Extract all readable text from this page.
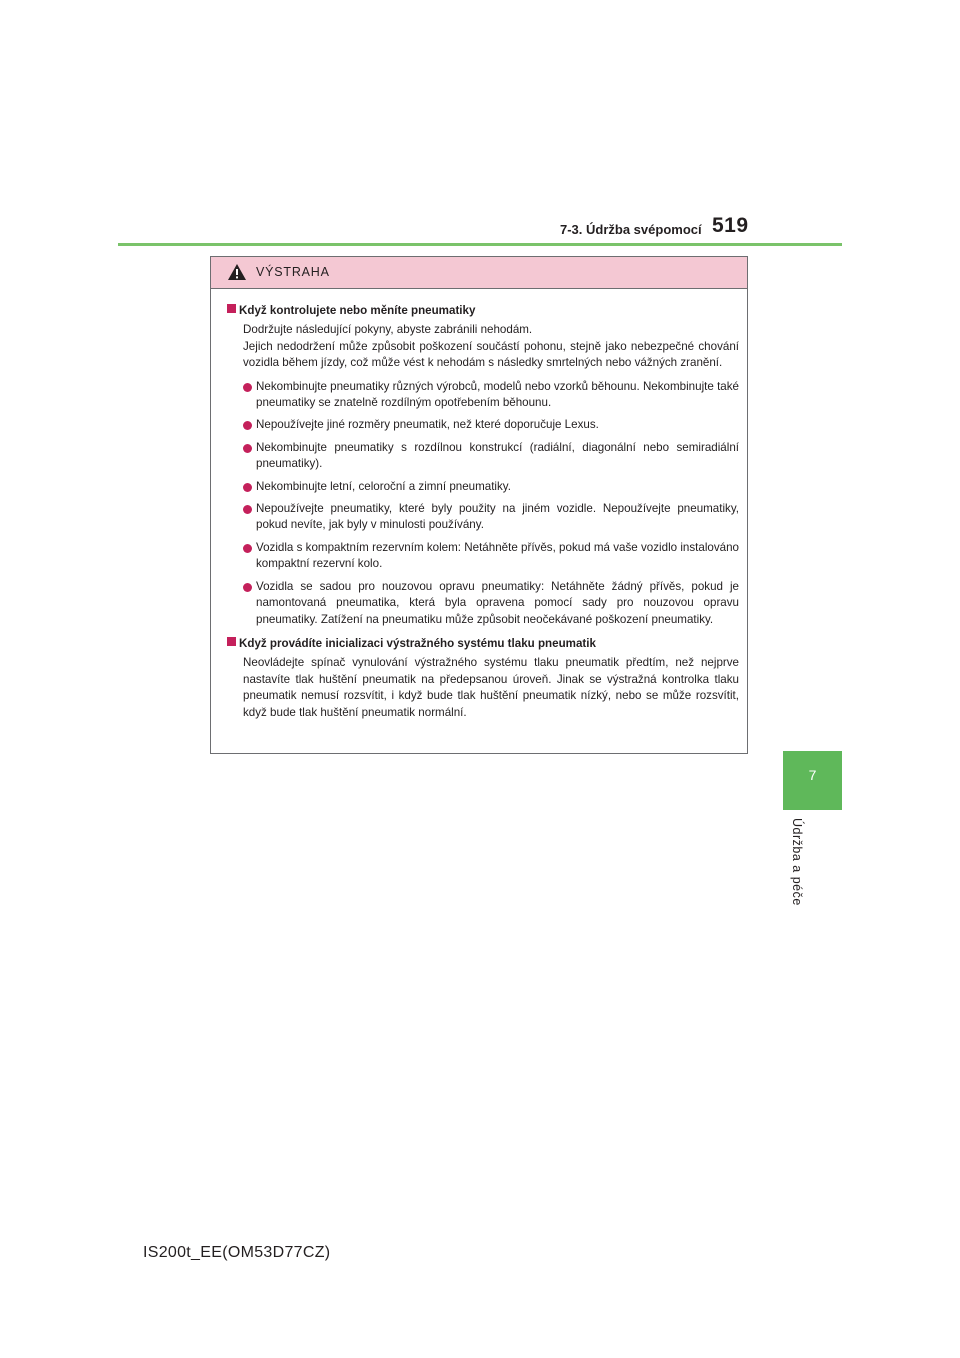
7-3. Údržba svépomocí 519
7
Údržba a péče
VÝSTRAHA
Když kontrolujete nebo měníte pneumatiky
Dodržujte následující pokyny, abyste zabránili nehodám.
Jejich nedodržení může způsobit poškození součástí pohonu, stejně jako nebezpečné chování vozidla během jízdy, což může vést k nehodám s následky smrtelných nebo vážných zranění.
Nekombinujte pneumatiky různých výrobců, modelů nebo vzorků běhounu. Nekombinujte také pneumatiky se znatelně rozdílným opotřebením běhounu.
Nepoužívejte jiné rozměry pneumatik, než které doporučuje Lexus.
Nekombinujte pneumatiky s rozdílnou konstrukcí (radiální, diagonální nebo semiradiální pneumatiky).
Nekombinujte letní, celoroční a zimní pneumatiky.
Nepoužívejte pneumatiky, které byly použity na jiném vozidle. Nepoužívejte pneumatiky, pokud nevíte, jak byly v minulosti používány.
Vozidla s kompaktním rezervním kolem: Netáhněte přívěs, pokud má vaše vozidlo instalováno kompaktní rezervní kolo.
Vozidla se sadou pro nouzovou opravu pneumatiky: Netáhněte žádný přívěs, pokud je namontovaná pneumatika, která byla opravena pomocí sady pro nouzovou opravu pneumatiky. Zatížení na pneumatiku může způsobit neočekávané poškození pneumatiky.
Když provádíte inicializaci výstražného systému tlaku pneumatik
Neovládejte spínač vynulování výstražného systému tlaku pneumatik předtím, než nejprve nastavíte tlak huštění pneumatik na předepsanou úroveň. Jinak se výstražná kontrolka tlaku pneumatik nemusí rozsvítit, i když bude tlak huštění pneumatik nízký, nebo se může rozsvítit, když bude tlak huštění pneumatik normální.
IS200t_EE(OM53D77CZ)
